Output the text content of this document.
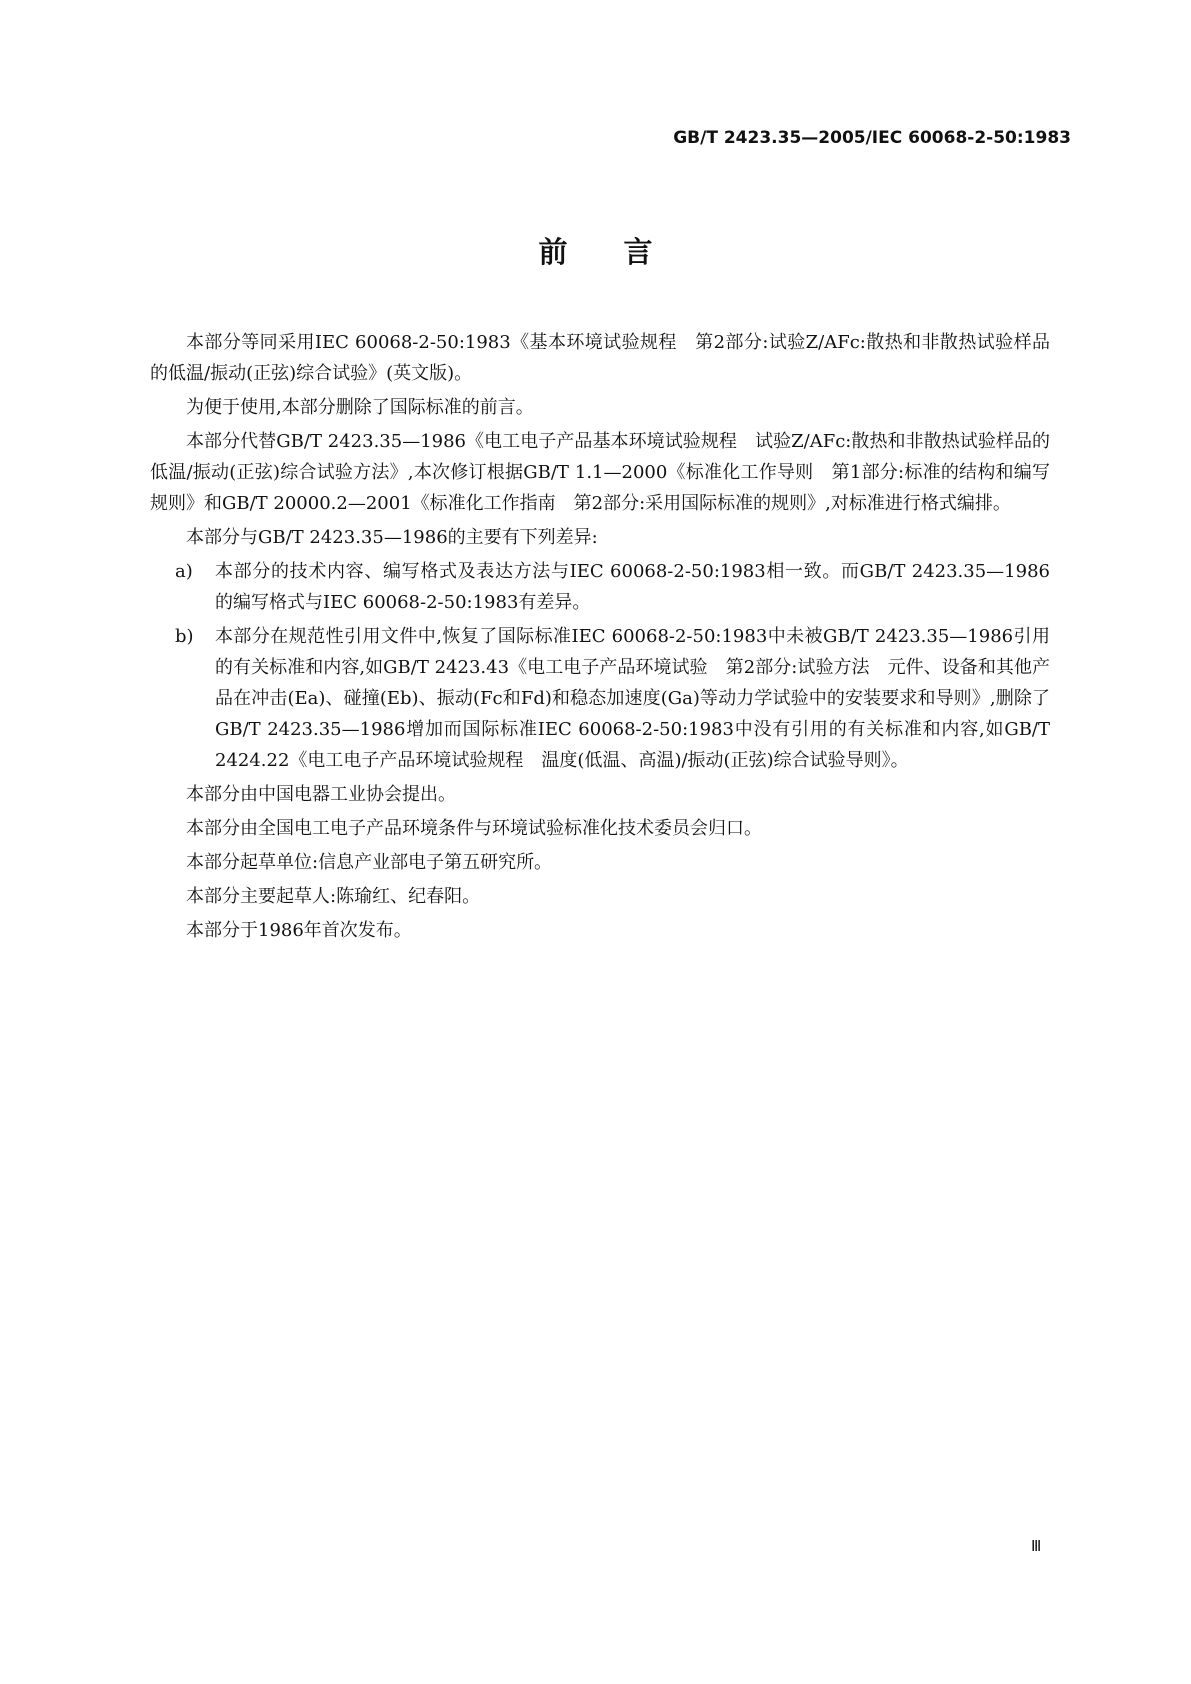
GB/T 2423.35—2005/IEC 60068-2-50:1983
前言

本部分等同采用IEC 60068-2-50:1983《基本环境试验规程　第2部分:试验Z/AFc:散热和非散热试验样品的低温/振动(正弦)综合试验》(英文版)。

为便于使用,本部分删除了国际标准的前言。

本部分代替GB/T 2423.35—1986《电工电子产品基本环境试验规程　试验Z/AFc:散热和非散热试验样品的低温/振动(正弦)综合试验方法》,本次修订根据GB/T 1.1—2000《标准化工作导则　第1部分:标准的结构和编写规则》和GB/T 20000.2—2001《标准化工作指南　第2部分:采用国际标准的规则》,对标准进行格式编排。

本部分与GB/T 2423.35—1986的主要有下列差异:

a) 本部分的技术内容、编写格式及表达方法与IEC 60068-2-50:1983相一致。而GB/T 2423.35—1986的编写格式与IEC 60068-2-50:1983有差异。
b) 本部分在规范性引用文件中,恢复了国际标准IEC 60068-2-50:1983中未被GB/T 2423.35—1986引用的有关标准和内容,如GB/T 2423.43《电工电子产品环境试验　第2部分:试验方法　元件、设备和其他产品在冲击(Ea)、碰撞(Eb)、振动(Fc和Fd)和稳态加速度(Ga)等动力学试验中的安装要求和导则》,删除了GB/T 2423.35—1986增加而国际标准IEC 60068-2-50:1983中没有引用的有关标准和内容,如GB/T 2424.22《电工电子产品环境试验规程　温度(低温、高温)/振动(正弦)综合试验导则》。

本部分由中国电器工业协会提出。

本部分由全国电工电子产品环境条件与环境试验标准化技术委员会归口。

本部分起草单位:信息产业部电子第五研究所。

本部分主要起草人:陈瑜红、纪春阳。

本部分于1986年首次发布。

Ⅲ
